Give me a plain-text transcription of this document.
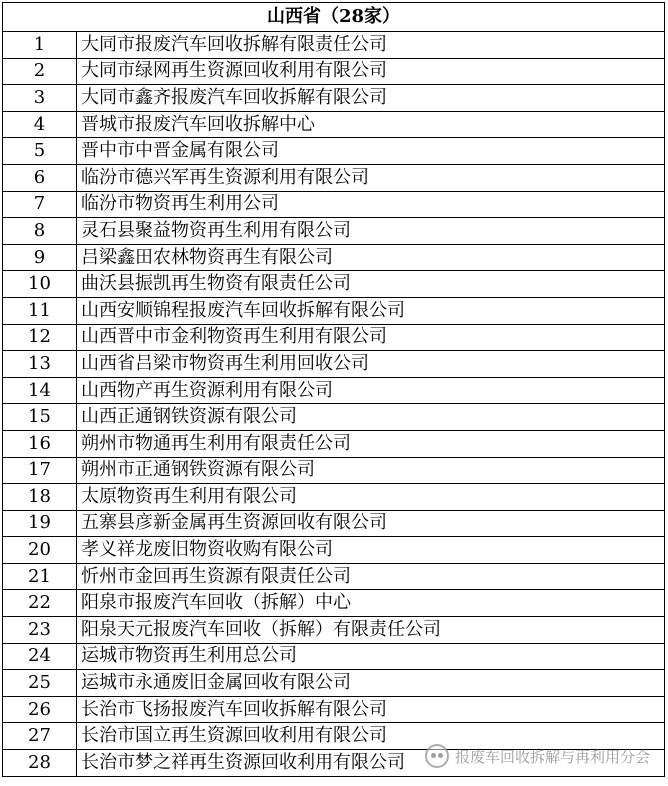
山西省（28家）	
1	大同市报废汽车回收拆解有限责任公司
2	大同市绿网再生资源回收利用有限公司
3	大同市鑫齐报废汽车回收拆解有限公司
4	晋城市报废汽车回收拆解中心
5	晋中市中晋金属有限公司
6	临汾市德兴军再生资源利用有限公司
7	临汾市物资再生利用公司
8	灵石县聚益物资再生利用有限公司
9	吕梁鑫田农林物资再生有限公司
10	曲沃县振凯再生物资有限责任公司
11	山西安顺锦程报废汽车回收拆解有限公司
12	山西晋中市金利物资再生利用有限公司
13	山西省吕梁市物资再生利用回收公司
14	山西物产再生资源利用有限公司
15	山西正通钢铁资源有限公司
16	朔州市物通再生利用有限责任公司
17	朔州市正通钢铁资源有限公司
18	太原物资再生利用有限公司
19	五寨县彦新金属再生资源回收有限公司
20	孝义祥龙废旧物资收购有限公司
21	忻州市金回再生资源有限责任公司
22	阳泉市报废汽车回收（拆解）中心
23	阳泉天元报废汽车回收（拆解）有限责任公司
24	运城市物资再生利用总公司
25	运城市永通废旧金属回收有限公司
26	长治市飞扬报废汽车回收拆解有限公司
27	长治市国立再生资源回收利用有限公司
28	长治市梦之祥再生资源回收利用有限公司	报废车回收拆解与再利用分会
